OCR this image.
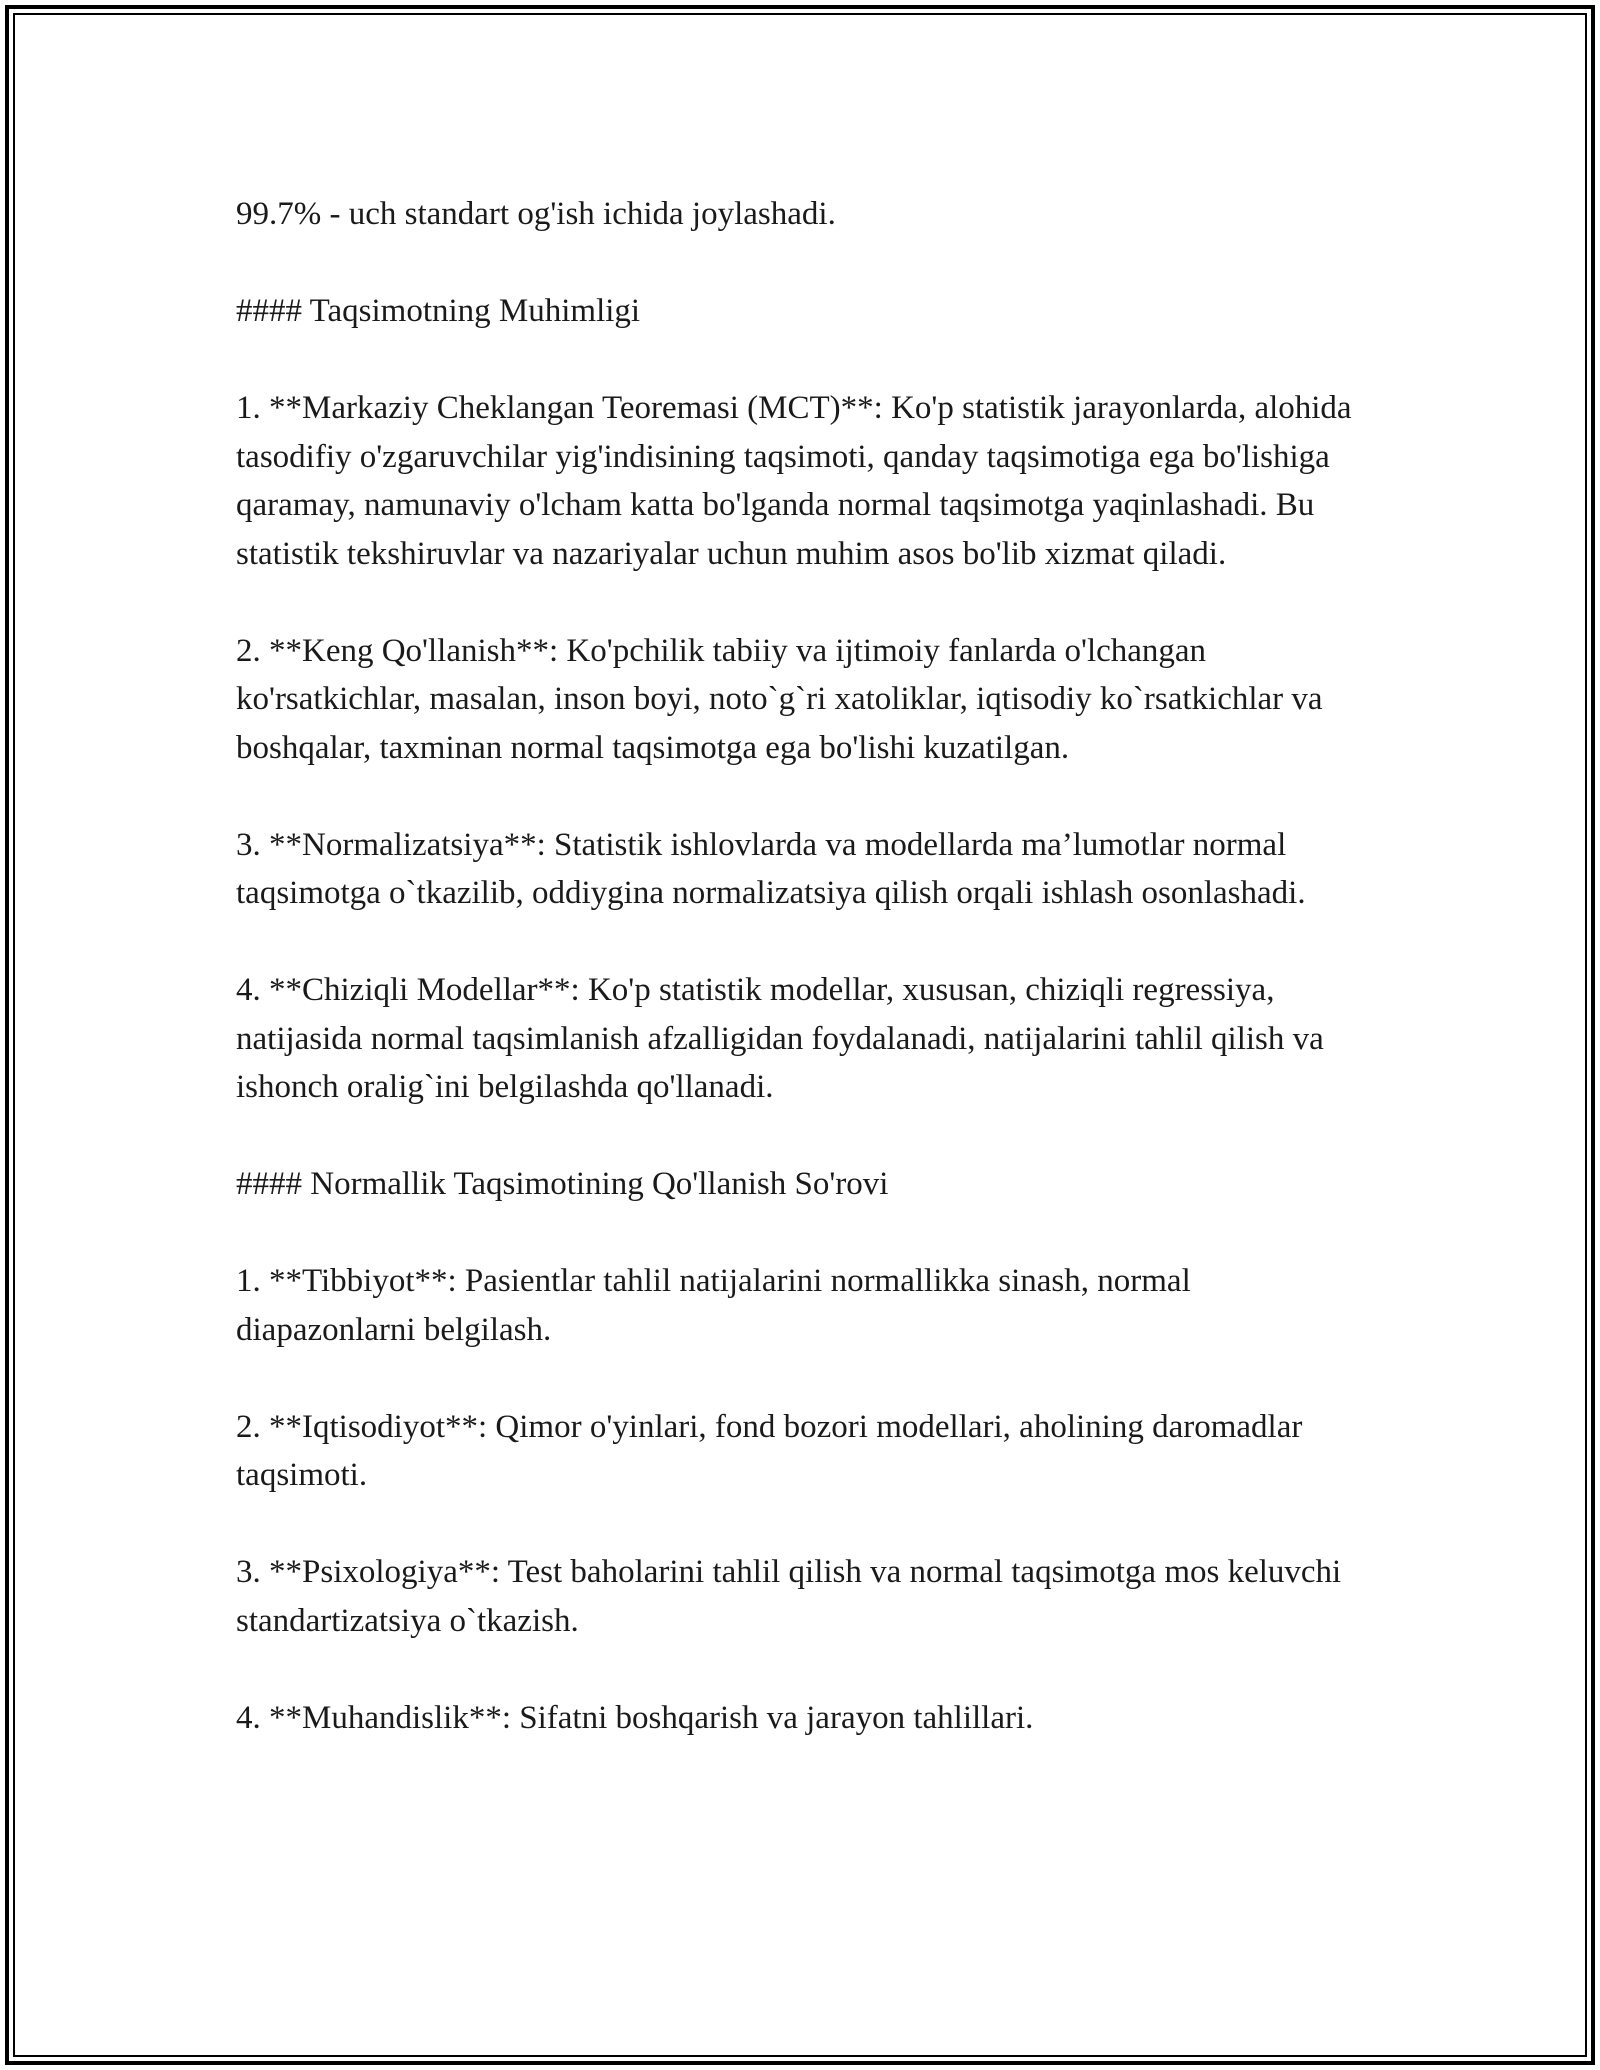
99.7% - uch standart og'ish ichida joylashadi.

#### Taqsimotning Muhimligi

1. **Markaziy Cheklangan Teoremasi (MCT)**: Ko'p statistik jarayonlarda, alohida tasodifiy o'zgaruvchilar yig'indisining taqsimoti, qanday taqsimotiga ega bo'lishiga qaramay, namunaviy o'lcham katta bo'lganda normal taqsimotga yaqinlashadi. Bu statistik tekshiruvlar va nazariyalar uchun muhim asos bo'lib xizmat qiladi.

2. **Keng Qo'llanish**: Ko'pchilik tabiiy va ijtimoiy fanlarda o'lchangan ko'rsatkichlar, masalan, inson boyi, noto`g`ri xatoliklar, iqtisodiy ko`rsatkichlar va boshqalar, taxminan normal taqsimotga ega bo'lishi kuzatilgan.

3. **Normalizatsiya**: Statistik ishlovlarda va modellarda ma’lumotlar normal taqsimotga o`tkazilib, oddiygina normalizatsiya qilish orqali ishlash osonlashadi.

4. **Chiziqli Modellar**: Ko'p statistik modellar, xususan, chiziqli regressiya, natijasida normal taqsimlanish afzalligidan foydalanadi, natijalarini tahlil qilish va ishonch oralig`ini belgilashda qo'llanadi.

#### Normallik Taqsimotining Qo'llanish So'rovi

1. **Tibbiyot**: Pasientlar tahlil natijalarini normallikka sinash, normal diapazonlarni belgilash.

2. **Iqtisodiyot**: Qimor o'yinlari, fond bozori modellari, aholining daromadlar taqsimoti.

3. **Psixologiya**: Test baholarini tahlil qilish va normal taqsimotga mos keluvchi standartizatsiya o`tkazish.

4. **Muhandislik**: Sifatni boshqarish va jarayon tahlillari.
